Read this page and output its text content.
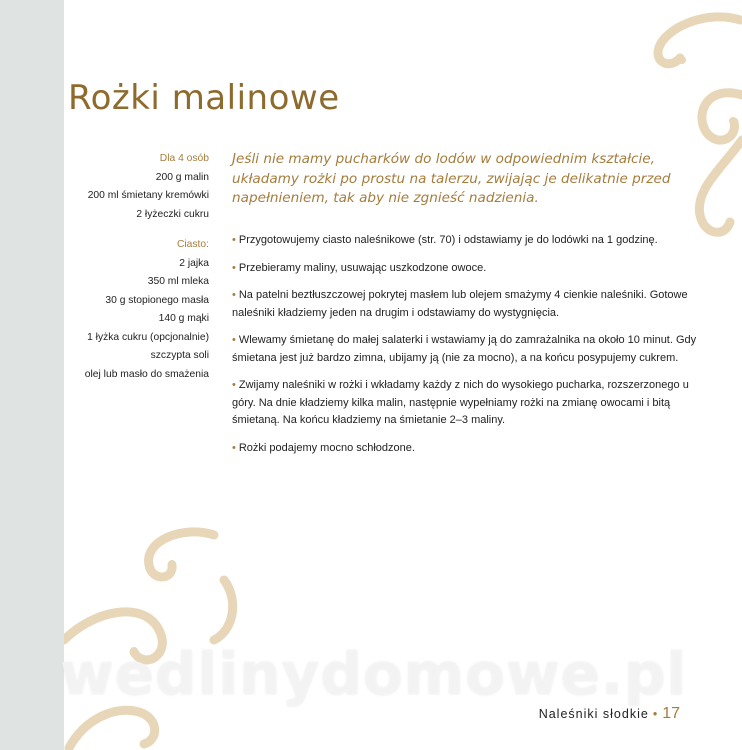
Rożki malinowe
Dla 4 osób
200 g malin
200 ml śmietany kremówki
2 łyżeczki cukru
Ciasto:
2 jajka
350 ml mleka
30 g stopionego masła
140 g mąki
1 łyżka cukru (opcjonalnie)
szczypta soli
olej lub masło do smażenia
Jeśli nie mamy pucharków do lodów w odpowiednim kształcie, układamy rożki po prostu na talerzu, zwijając je delikatnie przed napełnieniem, tak aby nie zgnieść nadzienia.

• Przygotowujemy ciasto naleśnikowe (str. 70) i odstawiamy je do lodówki na 1 godzinę.

• Przebieramy maliny, usuwając uszkodzone owoce.

• Na patelni beztłuszczowej pokrytej masłem lub olejem smażymy 4 cienkie naleśniki. Gotowe naleśniki kładziemy jeden na drugim i odstawiamy do wystygnięcia.

• Wlewamy śmietanę do małej salaterki i wstawiamy ją do zamrażalnika na około 10 minut. Gdy śmietana jest już bardzo zimna, ubijamy ją (nie za mocno), a na końcu posypujemy cukrem.

• Zwijamy naleśniki w rożki i wkładamy każdy z nich do wysokiego pucharka, rozszerzonego u góry. Na dnie kładziemy kilka malin, następnie wypełniamy rożki na zmianę owocami i bitą śmietaną. Na końcu kładziemy na śmietanie 2–3 maliny.

• Rożki podajemy mocno schłodzone.

wedlinydomowe.pl
Naleśniki słodkie • 17
